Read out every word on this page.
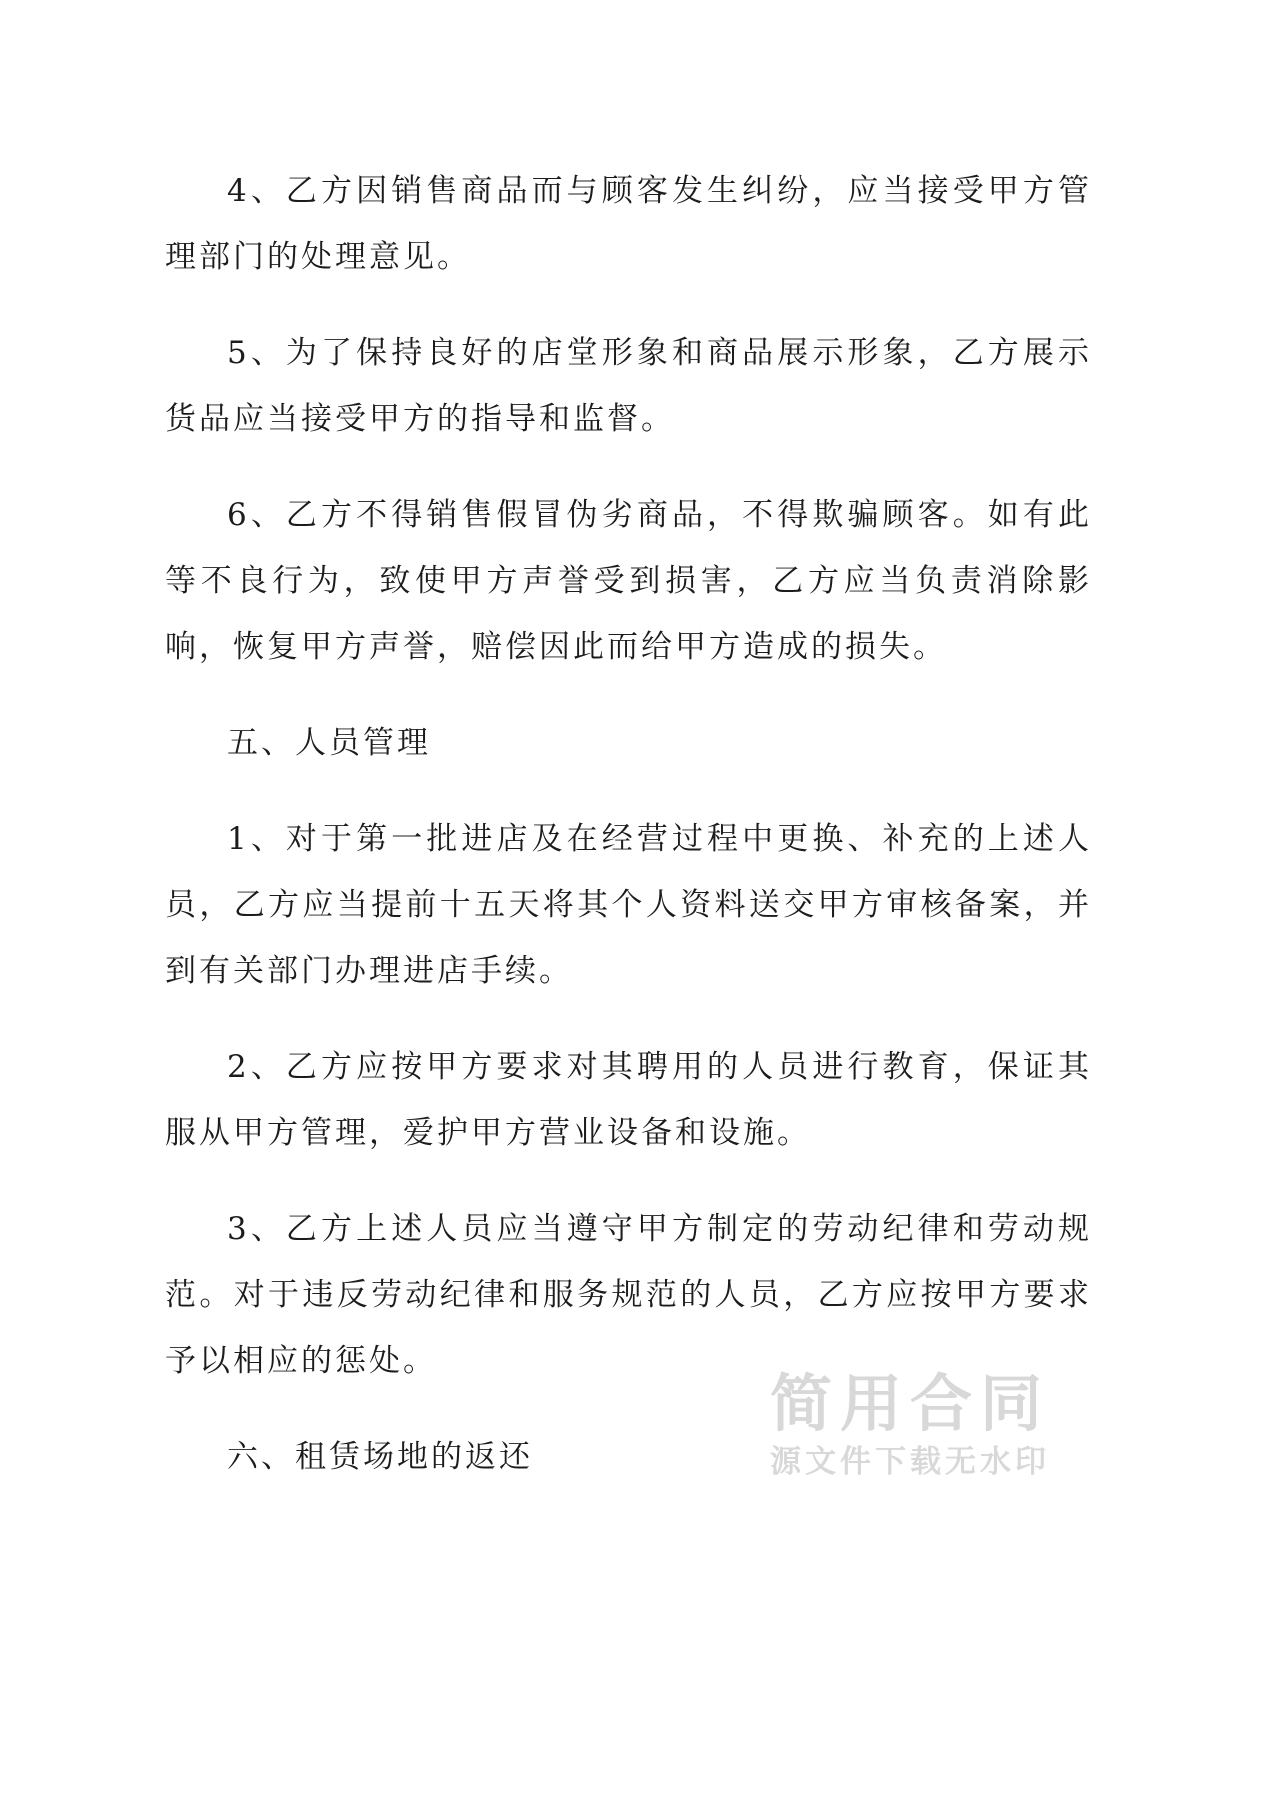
4、乙方因销售商品而与顾客发生纠纷，应当接受甲方管理部门的处理意见。

5、为了保持良好的店堂形象和商品展示形象，乙方展示货品应当接受甲方的指导和监督。

6、乙方不得销售假冒伪劣商品，不得欺骗顾客。如有此等不良行为，致使甲方声誉受到损害，乙方应当负责消除影响，恢复甲方声誉，赔偿因此而给甲方造成的损失。

五、人员管理

1、对于第一批进店及在经营过程中更换、补充的上述人员，乙方应当提前十五天将其个人资料送交甲方审核备案，并到有关部门办理进店手续。

2、乙方应按甲方要求对其聘用的人员进行教育，保证其服从甲方管理，爱护甲方营业设备和设施。

3、乙方上述人员应当遵守甲方制定的劳动纪律和劳动规范。对于违反劳动纪律和服务规范的人员，乙方应按甲方要求予以相应的惩处。

六、租赁场地的返还

简用合同
源文件下载无水印
